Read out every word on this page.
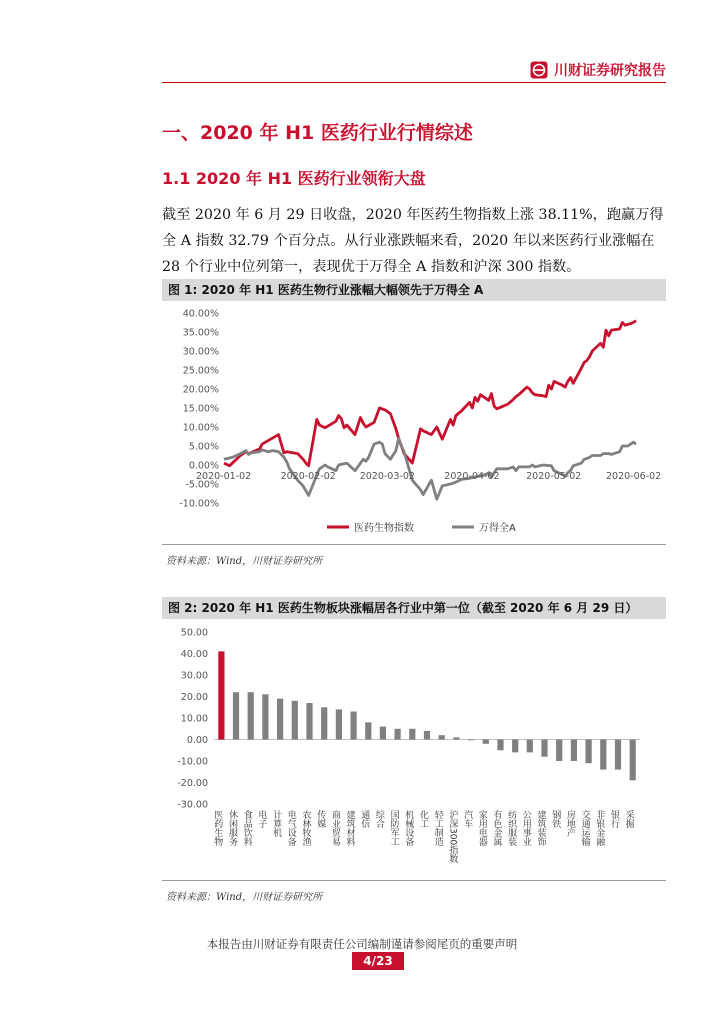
川财证券研究报告
一、2020 年 H1 医药行业行情综述
1.1 2020 年 H1 医药行业领衔大盘
截至 2020 年 6 月 29 日收盘，2020 年医药生物指数上涨 38.11%，跑赢万得
全 A 指数 32.79 个百分点。从行业涨跌幅来看，2020 年以来医药行业涨幅在
28 个行业中位列第一，表现优于万得全 A 指数和沪深 300 指数。
图 1: 2020 年 H1 医药生物行业涨幅大幅领先于万得全 A
40.00%
35.00%
30.00%
25.00%
20.00%
15.00%
10.00%
5.00%
0.00%
-5.00%
-10.00%
2020-01-02	2020-02-02	2020-03-02	2020-04-02	2020-05-02	2020-06-02
医药生物指数	万得全A
资料来源：Wind，川财证券研究所
图 2: 2020 年 H1 医药生物板块涨幅居各行业中第一位（截至 2020 年 6 月 29 日）
50.00
40.00
30.00
20.00
10.00
0.00
-10.00
-20.00
-30.00
医药生物 休闲服务 食品饮料 电子 计算机 电气设备 农林牧渔 传媒 商业贸易 建筑材料 通信 综合 国防军工 机械设备 化工 轻工制造 沪深300指数 汽车 家用电器 有色金属 纺织服装 公用事业 建筑装饰 钢铁 房地产 交通运输 非银金融 银行 采掘
资料来源：Wind，川财证券研究所
本报告由川财证券有限责任公司编制谨请参阅尾页的重要声明
4/23
